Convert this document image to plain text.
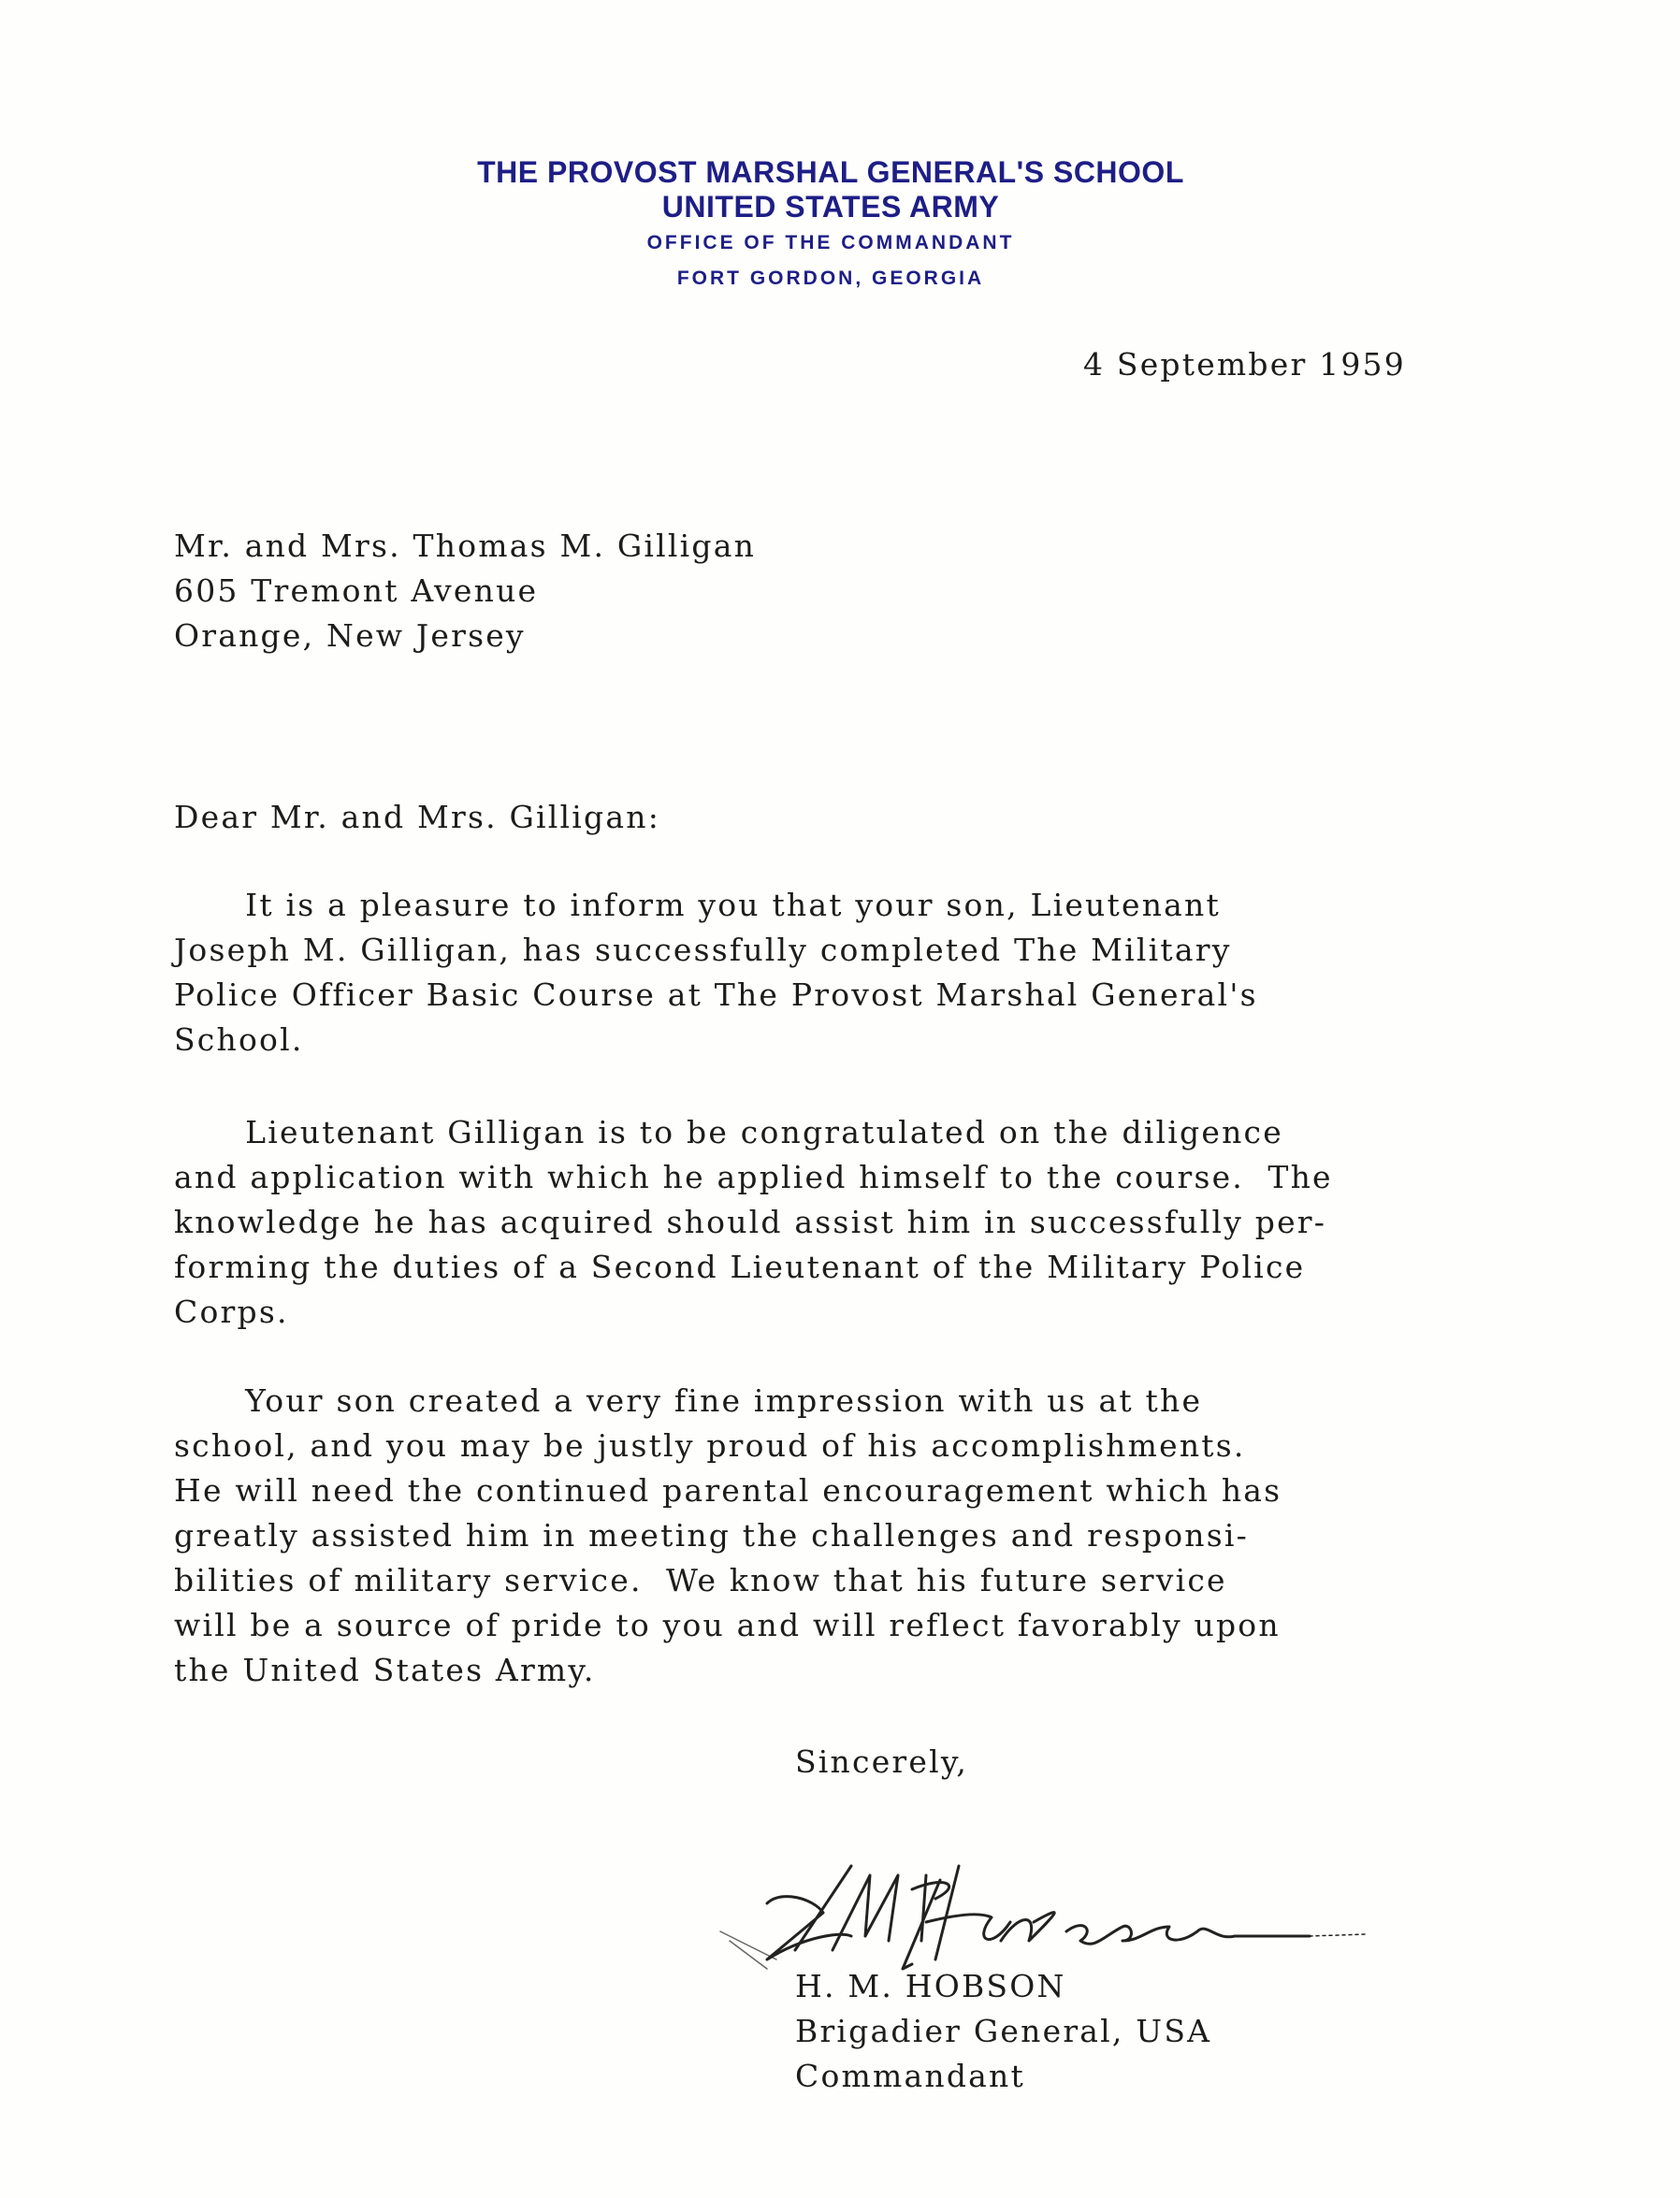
THE PROVOST MARSHAL GENERAL'S SCHOOL
UNITED STATES ARMY
OFFICE OF THE COMMANDANT
FORT GORDON, GEORGIA
4 September 1959
Mr. and Mrs. Thomas M. Gilligan
605 Tremont Avenue
Orange, New Jersey
Dear Mr. and Mrs. Gilligan:
It is a pleasure to inform you that your son, Lieutenant
Joseph M. Gilligan, has successfully completed The Military
Police Officer Basic Course at The Provost Marshal General's
School.
Lieutenant Gilligan is to be congratulated on the diligence
and application with which he applied himself to the course.  The
knowledge he has acquired should assist him in successfully per-
forming the duties of a Second Lieutenant of the Military Police
Corps.
Your son created a very fine impression with us at the
school, and you may be justly proud of his accomplishments.
He will need the continued parental encouragement which has
greatly assisted him in meeting the challenges and responsi-
bilities of military service.  We know that his future service
will be a source of pride to you and will reflect favorably upon
the United States Army.
Sincerely,
H. M. HOBSON
Brigadier General, USA
Commandant
